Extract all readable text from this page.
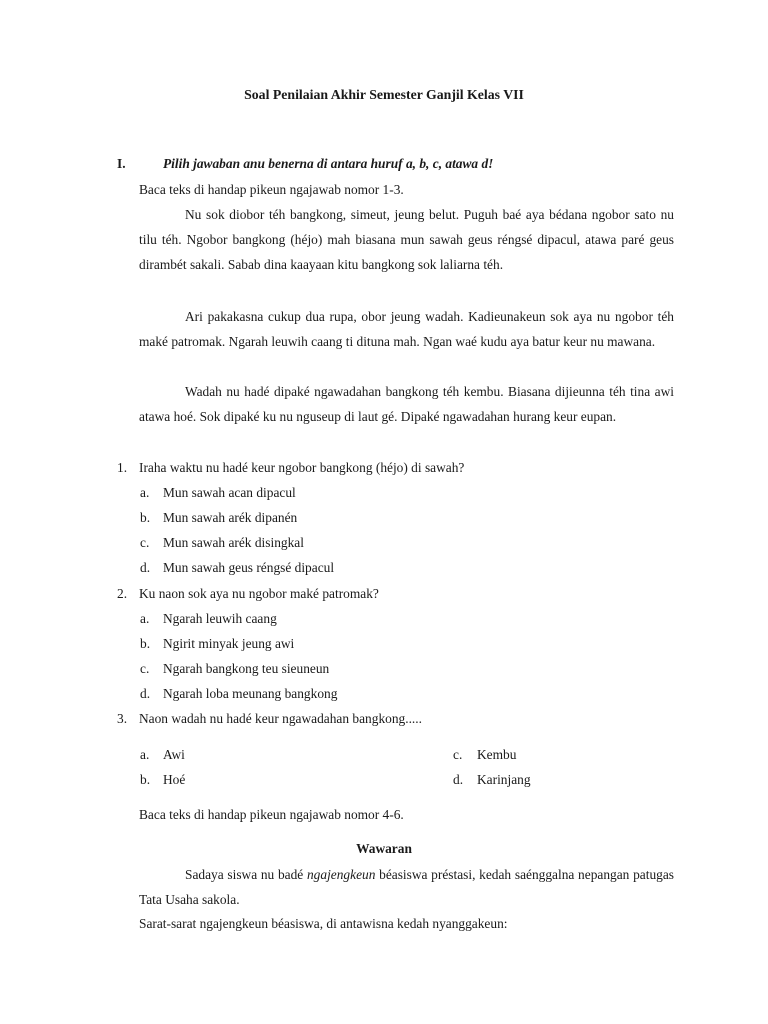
Soal Penilaian Akhir Semester Ganjil Kelas VII
I.	Pilih jawaban anu benerna di antara huruf a, b, c, atawa d!
Baca teks di handap pikeun ngajawab nomor 1-3.
Nu sok diobor téh bangkong, simeut, jeung belut. Puguh baé aya bédana ngobor sato nu tilu téh. Ngobor bangkong (héjo) mah biasana mun sawah geus réngsé dipacul, atawa paré geus dirambét sakali. Sabab dina kaayaan kitu bangkong sok laliarna téh.
Ari pakakasna cukup dua rupa, obor jeung wadah. Kadieunakeun sok aya nu ngobor téh maké patromak. Ngarah leuwih caang ti dituna mah. Ngan waé kudu aya batur keur nu mawana.
Wadah nu hadé dipaké ngawadahan bangkong téh kembu. Biasana dijieunna téh tina awi atawa hoé. Sok dipaké ku nu nguseup di laut gé. Dipaké ngawadahan hurang keur eupan.
1. Iraha waktu nu hadé keur ngobor bangkong (héjo) di sawah?
a. Mun sawah acan dipacul
b. Mun sawah arék dipanén
c. Mun sawah arék disingkal
d. Mun sawah geus réngsé dipacul
2. Ku naon sok aya nu ngobor maké patromak?
a. Ngarah leuwih caang
b. Ngirit minyak jeung awi
c. Ngarah bangkong teu sieuneun
d. Ngarah loba meunang bangkong
3. Naon wadah nu hadé keur ngawadahan bangkong.....
a. Awi
b. Hoé
c. Kembu
d. Karinjang
Baca teks di handap pikeun ngajawab nomor 4-6.
Wawaran
Sadaya siswa nu badé ngajengkeun béasiswa préstasi, kedah saénggalna nepangan patugas Tata Usaha sakola.
Sarat-sarat ngajengkeun béasiswa, di antawisna kedah nyanggakeun:
